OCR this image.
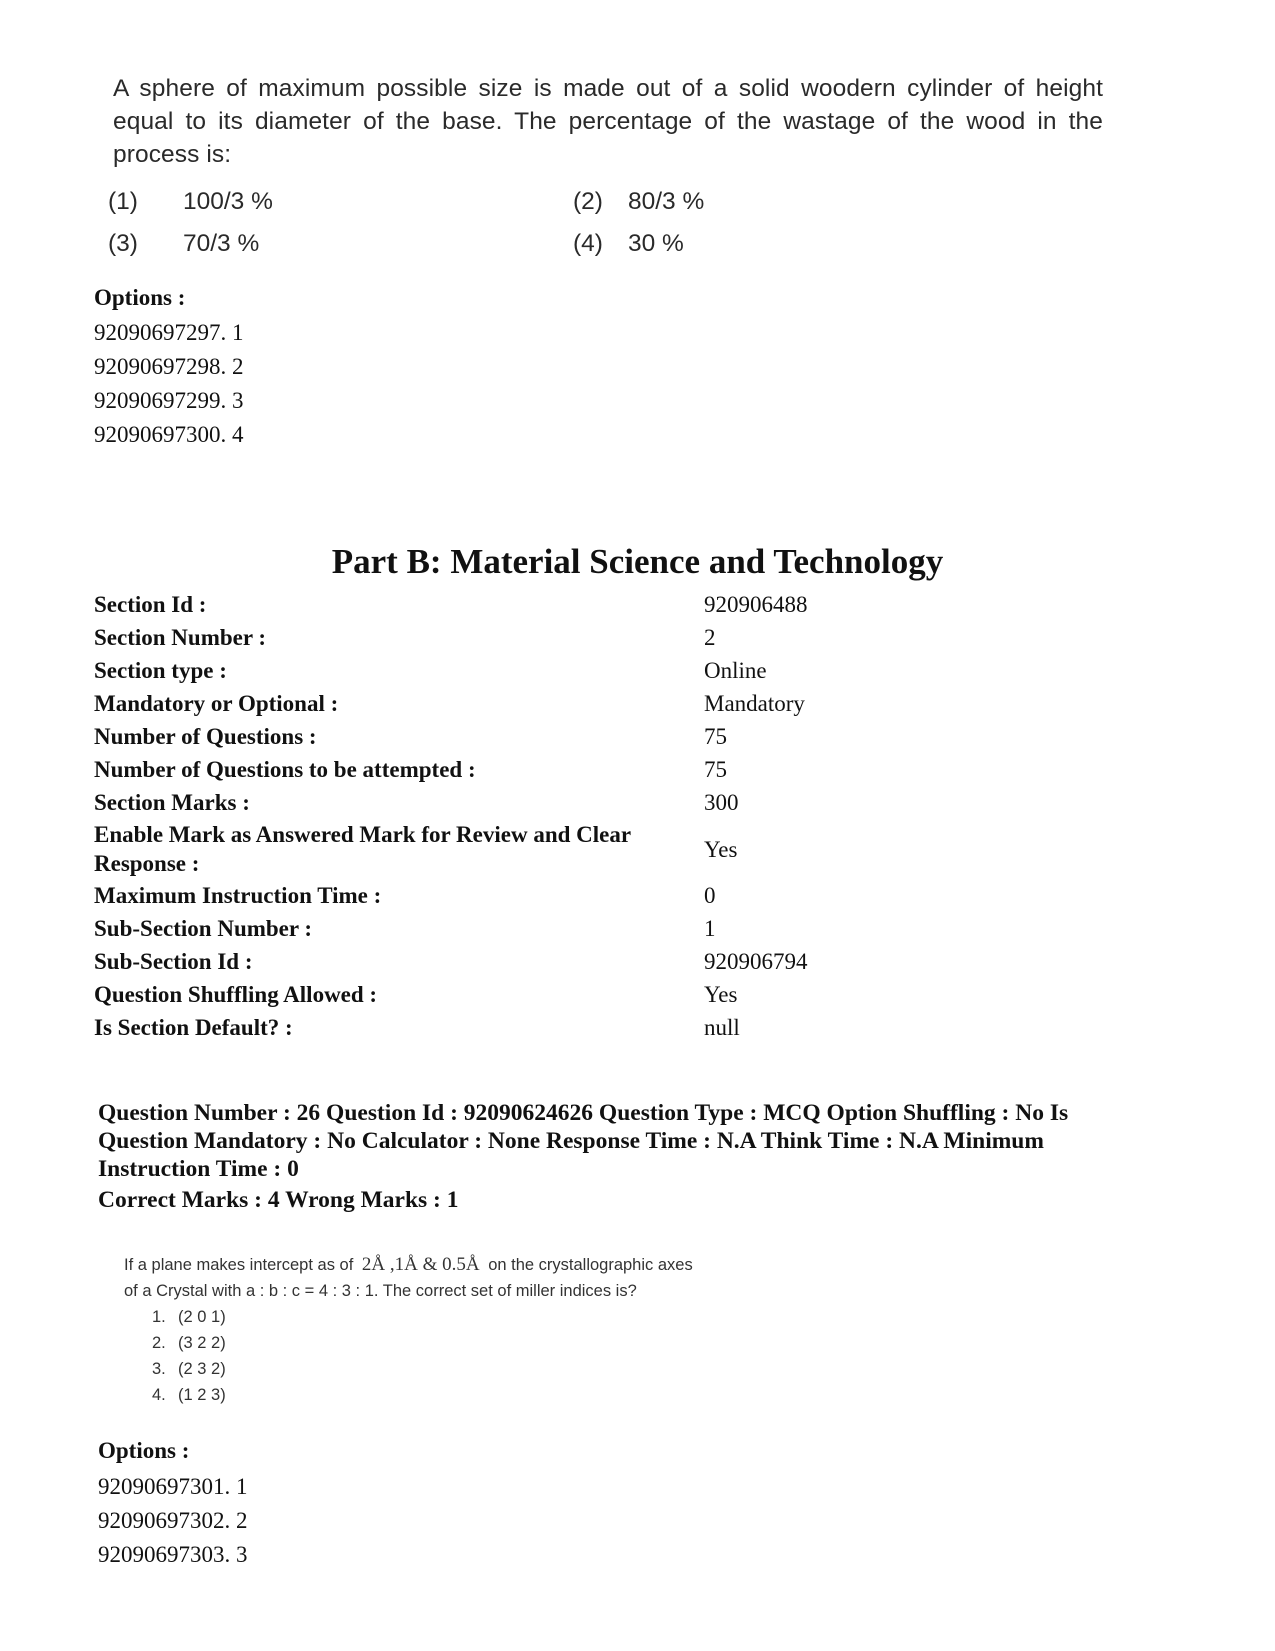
A sphere of maximum possible size is made out of a solid woodern cylinder of height equal to its diameter of the base. The percentage of the wastage of the wood in the process is:
(1) 100/3 %	(2) 80/3 %
(3) 70/3 %	(4) 30 %
Options :
92090697297. 1
92090697298. 2
92090697299. 3
92090697300. 4
Part B: Material Science and Technology
Section Id :	920906488
Section Number :	2
Section type :	Online
Mandatory or Optional :	Mandatory
Number of Questions :	75
Number of Questions to be attempted :	75
Section Marks :	300
Enable Mark as Answered Mark for Review and Clear Response :
Yes
Maximum Instruction Time :	0
Sub-Section Number :	1
Sub-Section Id :	920906794
Question Shuffling Allowed :	Yes
Is Section Default? :	null
Question Number : 26 Question Id : 92090624626 Question Type : MCQ Option Shuffling : No Is Question Mandatory : No Calculator : None Response Time : N.A Think Time : N.A Minimum Instruction Time : 0
Correct Marks : 4 Wrong Marks : 1
If a plane makes intercept as of 2Å ,1Å & 0.5Å on the crystallographic axes
of a Crystal with a : b : c = 4 : 3 : 1. The correct set of miller indices is?
1. (2 0 1)
2. (3 2 2)
3. (2 3 2)
4. (1 2 3)
Options :
92090697301. 1
92090697302. 2
92090697303. 3
